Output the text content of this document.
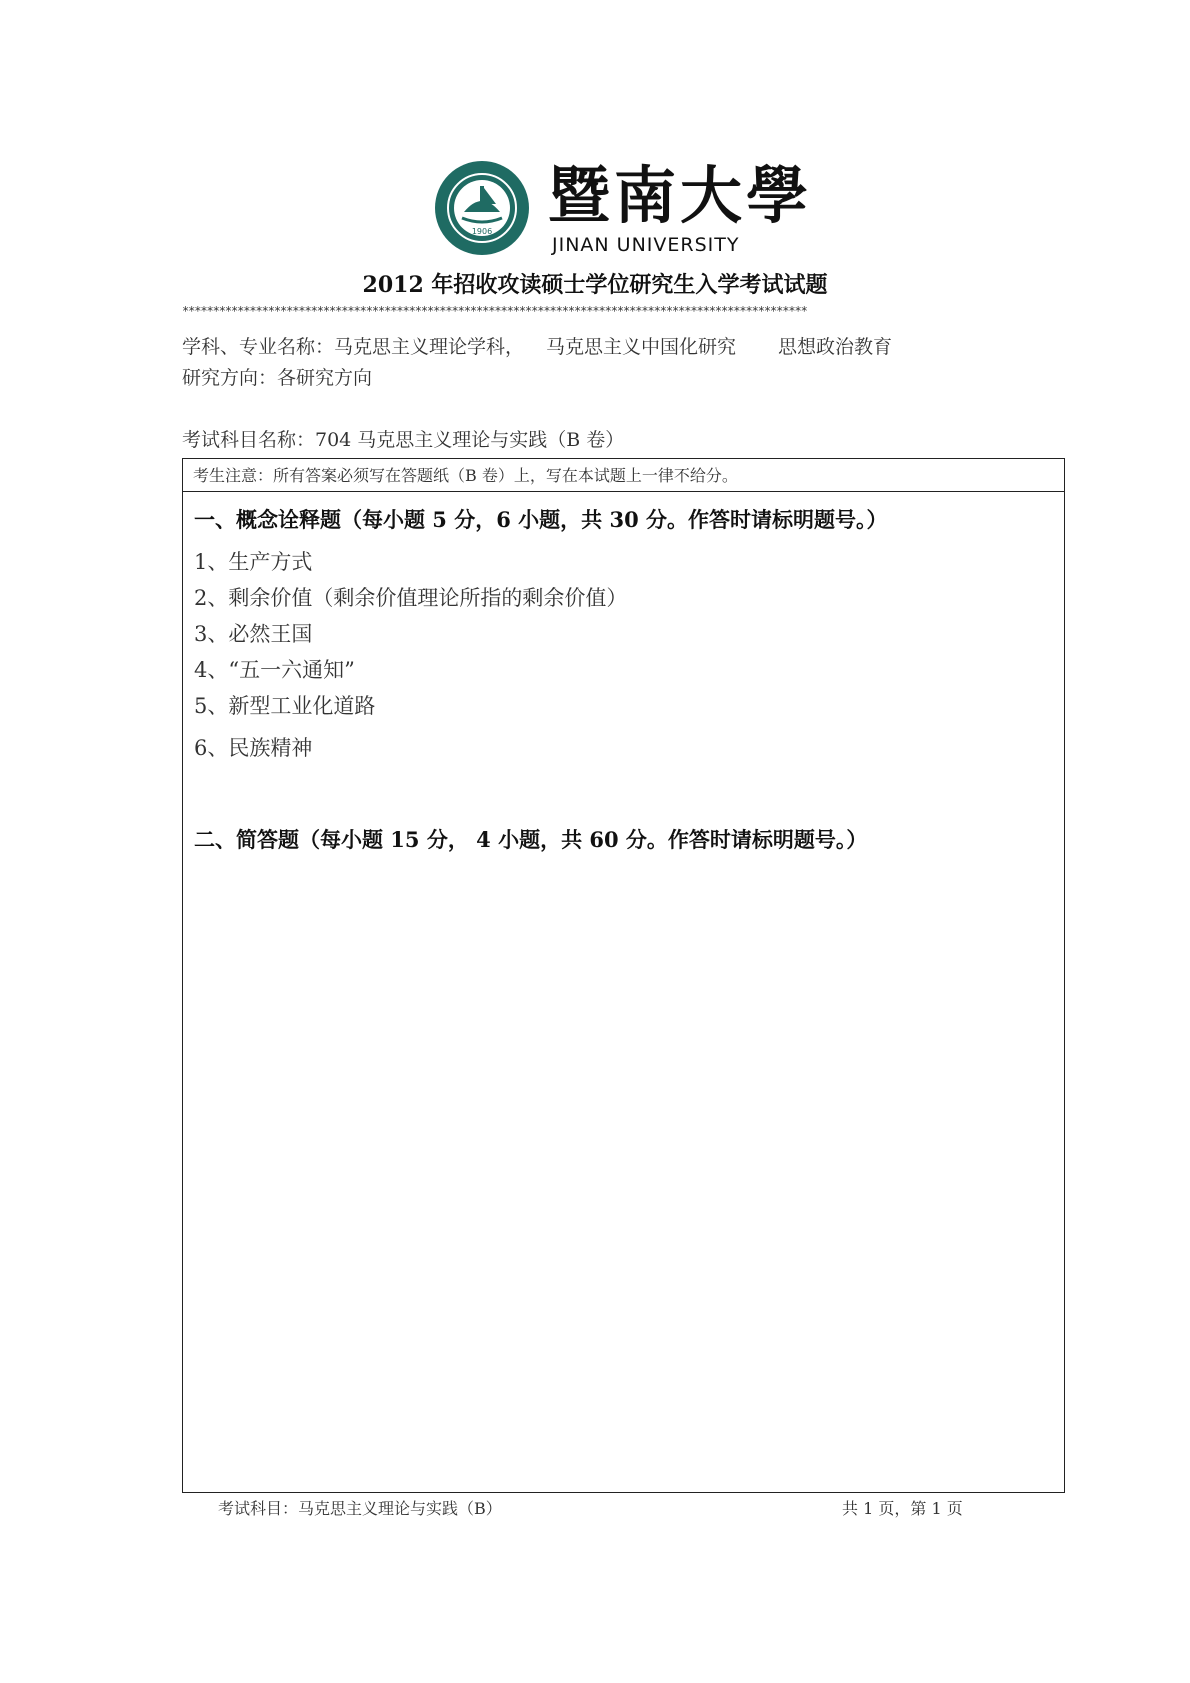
1906 暨南大學
JINAN UNIVERSITY
2012 年招收攻读硕士学位研究生入学考试试题
******************************************************************************************************
学科、专业名称：马克思主义理论学科， 马克思主义中国化研究 思想政治教育
研究方向：各研究方向
考试科目名称：704 马克思主义理论与实践（B 卷）
考生注意：所有答案必须写在答题纸（B 卷）上，写在本试题上一律不给分。
一、概念诠释题（每小题 5 分，6 小题，共 30 分。作答时请标明题号。）
1、生产方式
2、剩余价值（剩余价值理论所指的剩余价值）
3、必然王国
4、“五一六通知”
5、新型工业化道路
6、民族精神
二、简答题（每小题 15 分， 4 小题，共 60 分。作答时请标明题号。）
考试科目：马克思主义理论与实践（B）	共 1 页，第 1 页
